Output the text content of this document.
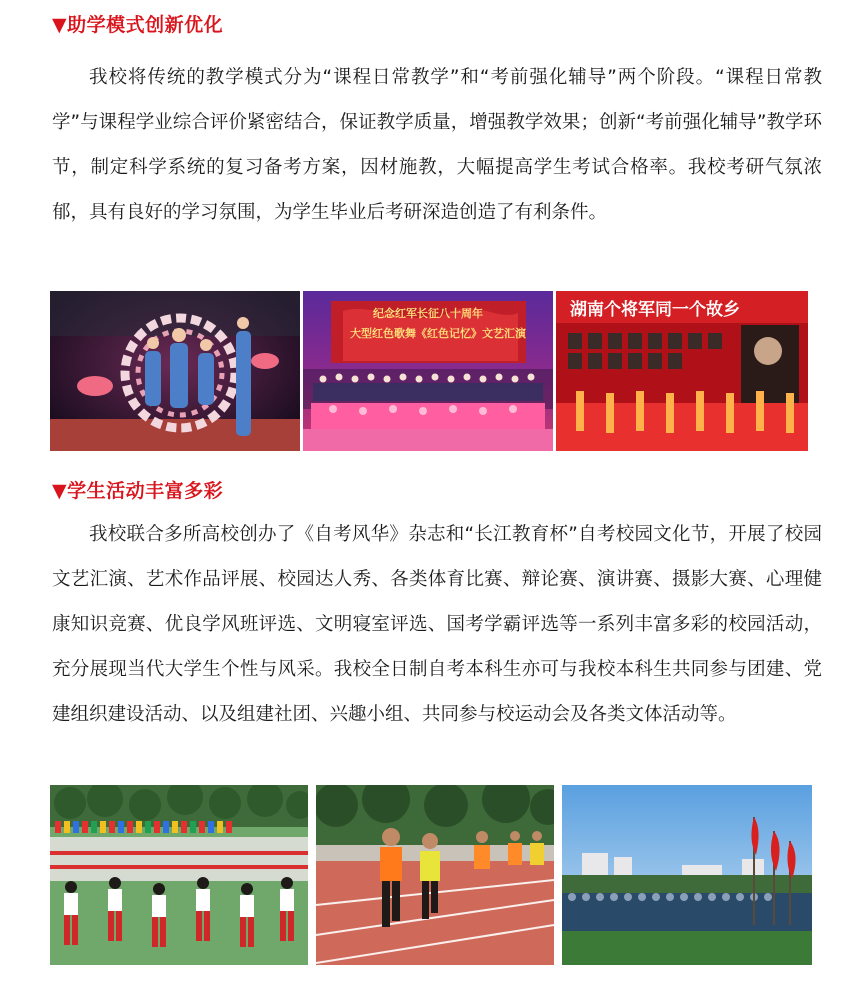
▼助学模式创新优化

我校将传统的教学模式分为“课程日常教学”和“考前强化辅导”两个阶段。“课程日常教学”与课程学业综合评价紧密结合，保证教学质量，增强教学效果；创新“考前强化辅导”教学环节，制定科学系统的复习备考方案，因材施教，大幅提高学生考试合格率。我校考研气氛浓郁，具有良好的学习氛围，为学生毕业后考研深造创造了有利条件。

纪念红军长征八十周年
大型红色歌舞《红色记忆》文艺汇演
湖南个将军同一个故乡
▼学生活动丰富多彩

我校联合多所高校创办了《自考风华》杂志和“长江教育杯”自考校园文化节，开展了校园文艺汇演、艺术作品评展、校园达人秀、各类体育比赛、辩论赛、演讲赛、摄影大赛、心理健康知识竞赛、优良学风班评选、文明寝室评选、国考学霸评选等一系列丰富多彩的校园活动，充分展现当代大学生个性与风采。我校全日制自考本科生亦可与我校本科生共同参与团建、党建组织建设活动、以及组建社团、兴趣小组、共同参与校运动会及各类文体活动等。
